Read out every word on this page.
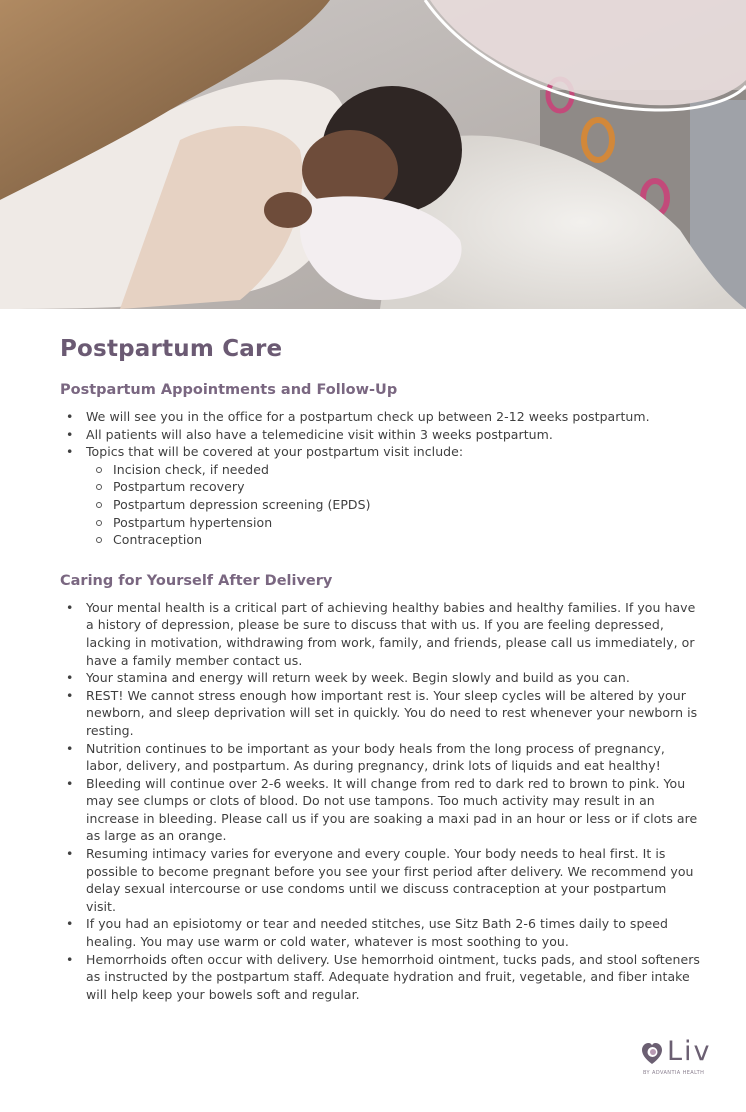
Postpartum Care
Postpartum Appointments and Follow-Up
• We will see you in the office for a postpartum check up between 2-12 weeks postpartum.
• All patients will also have a telemedicine visit within 3 weeks postpartum.
• Topics that will be covered at your postpartum visit include:
Incision check, if needed
Postpartum recovery
Postpartum depression screening (EPDS)
Postpartum hypertension
Contraception
Caring for Yourself After Delivery
• Your mental health is a critical part of achieving healthy babies and healthy families. If you have a history of depression, please be sure to discuss that with us. If you are feeling depressed, lacking in motivation, withdrawing from work, family, and friends, please call us immediately, or have a family member contact us.
• Your stamina and energy will return week by week. Begin slowly and build as you can.
• REST! We cannot stress enough how important rest is. Your sleep cycles will be altered by your newborn, and sleep deprivation will set in quickly. You do need to rest whenever your newborn is resting.
• Nutrition continues to be important as your body heals from the long process of pregnancy, labor, delivery, and postpartum. As during pregnancy, drink lots of liquids and eat healthy!
• Bleeding will continue over 2-6 weeks. It will change from red to dark red to brown to pink. You may see clumps or clots of blood. Do not use tampons. Too much activity may result in an increase in bleeding. Please call us if you are soaking a maxi pad in an hour or less or if clots are as large as an orange.
• Resuming intimacy varies for everyone and every couple. Your body needs to heal first. It is possible to become pregnant before you see your first period after delivery. We recommend you delay sexual intercourse or use condoms until we discuss contraception at your postpartum visit.
• If you had an episiotomy or tear and needed stitches, use Sitz Bath 2-6 times daily to speed healing. You may use warm or cold water, whatever is most soothing to you.
• Hemorrhoids often occur with delivery. Use hemorrhoid ointment, tucks pads, and stool softeners as instructed by the postpartum staff. Adequate hydration and fruit, vegetable, and fiber intake will help keep your bowels soft and regular.
Liv
BY ADVANTIA HEALTH
